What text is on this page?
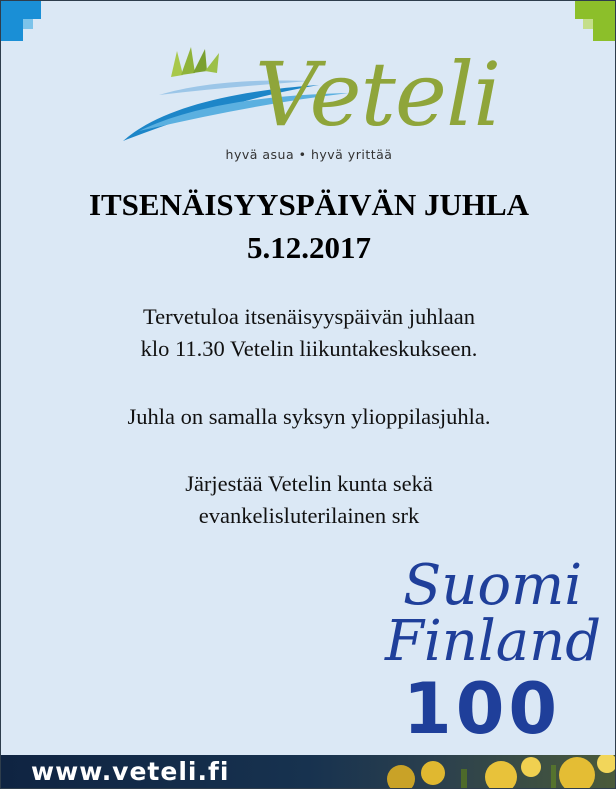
Veteli
hyvä asua • hyvä yrittää
ITSENÄISYYSPÄIVÄN JUHLA
5.12.2017
Tervetuloa itsenäisyyspäivän juhlaan
klo 11.30 Vetelin liikuntakeskukseen.
Juhla on samalla syksyn ylioppilasjuhla.
Järjestää Vetelin kunta sekä
evankelisluterilainen srk
Suomi
Finland
100
www.veteli.fi
